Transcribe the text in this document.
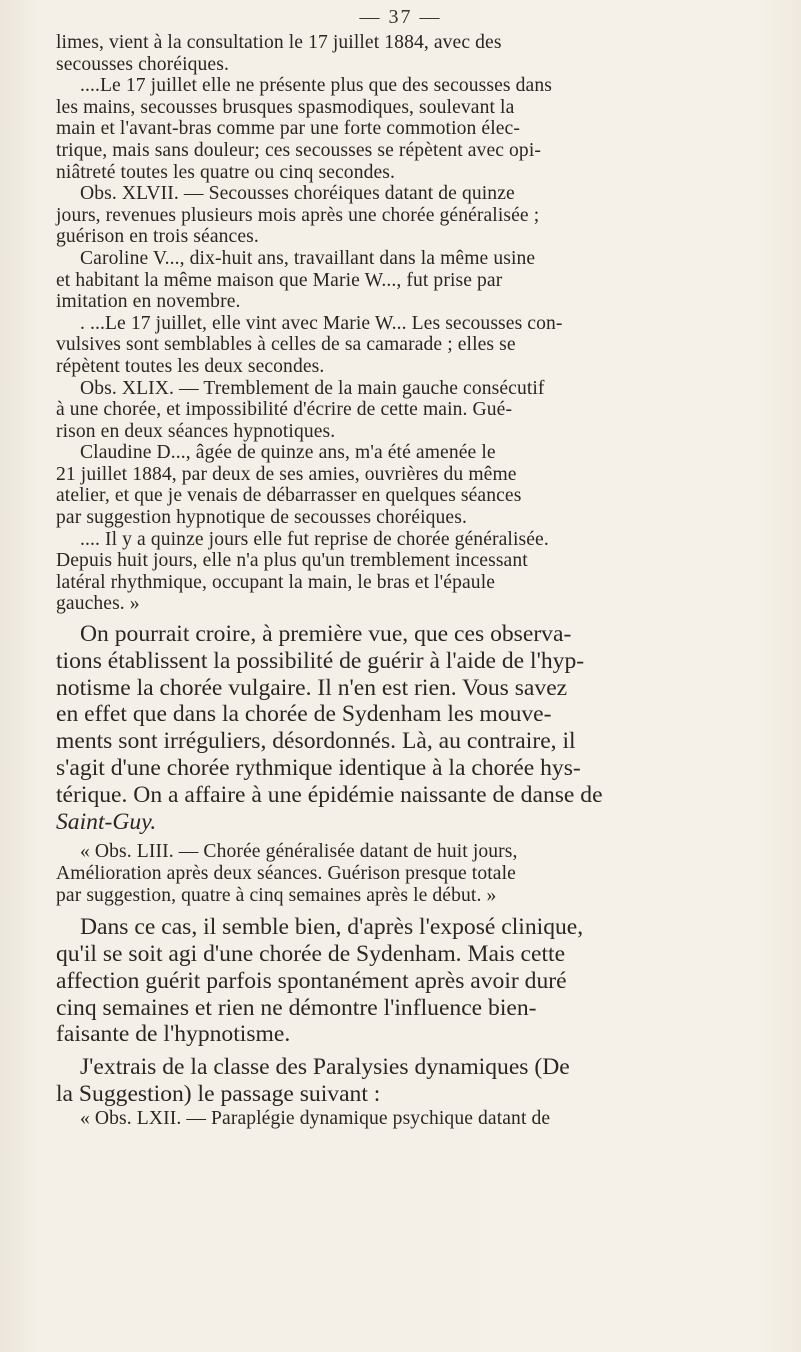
— 37 —
limes, vient à la consultation le 17 juillet 1884, avec des
secousses choréiques.
....Le 17 juillet elle ne présente plus que des secousses dans
les mains, secousses brusques spasmodiques, soulevant la
main et l'avant-bras comme par une forte commotion élec-
trique, mais sans douleur; ces secousses se répètent avec opi-
niâtreté toutes les quatre ou cinq secondes.
Obs. XLVII. — Secousses choréiques datant de quinze
jours, revenues plusieurs mois après une chorée généralisée ;
guérison en trois séances.
Caroline V..., dix-huit ans, travaillant dans la même usine
et habitant la même maison que Marie W..., fut prise par
imitation en novembre.
. ...Le 17 juillet, elle vint avec Marie W... Les secousses con-
vulsives sont semblables à celles de sa camarade ; elles se
répètent toutes les deux secondes.
Obs. XLIX. — Tremblement de la main gauche consécutif
à une chorée, et impossibilité d'écrire de cette main. Gué-
rison en deux séances hypnotiques.
Claudine D..., âgée de quinze ans, m'a été amenée le
21 juillet 1884, par deux de ses amies, ouvrières du même
atelier, et que je venais de débarrasser en quelques séances
par suggestion hypnotique de secousses choréiques.
.... Il y a quinze jours elle fut reprise de chorée généralisée.
Depuis huit jours, elle n'a plus qu'un tremblement incessant
latéral rhythmique, occupant la main, le bras et l'épaule
gauches. »
On pourrait croire, à première vue, que ces observa-
tions établissent la possibilité de guérir à l'aide de l'hyp-
notisme la chorée vulgaire. Il n'en est rien. Vous savez
en effet que dans la chorée de Sydenham les mouve-
ments sont irréguliers, désordonnés. Là, au contraire, il
s'agit d'une chorée rythmique identique à la chorée hys-
térique. On a affaire à une épidémie naissante de danse de
Saint-Guy.
« Obs. LIII. — Chorée généralisée datant de huit jours,
Amélioration après deux séances. Guérison presque totale
par suggestion, quatre à cinq semaines après le début. »
Dans ce cas, il semble bien, d'après l'exposé clinique,
qu'il se soit agi d'une chorée de Sydenham. Mais cette
affection guérit parfois spontanément après avoir duré
cinq semaines et rien ne démontre l'influence bien-
faisante de l'hypnotisme.
J'extrais de la classe des Paralysies dynamiques (De
la Suggestion) le passage suivant :
« Obs. LXII. — Paraplégie dynamique psychique datant de
